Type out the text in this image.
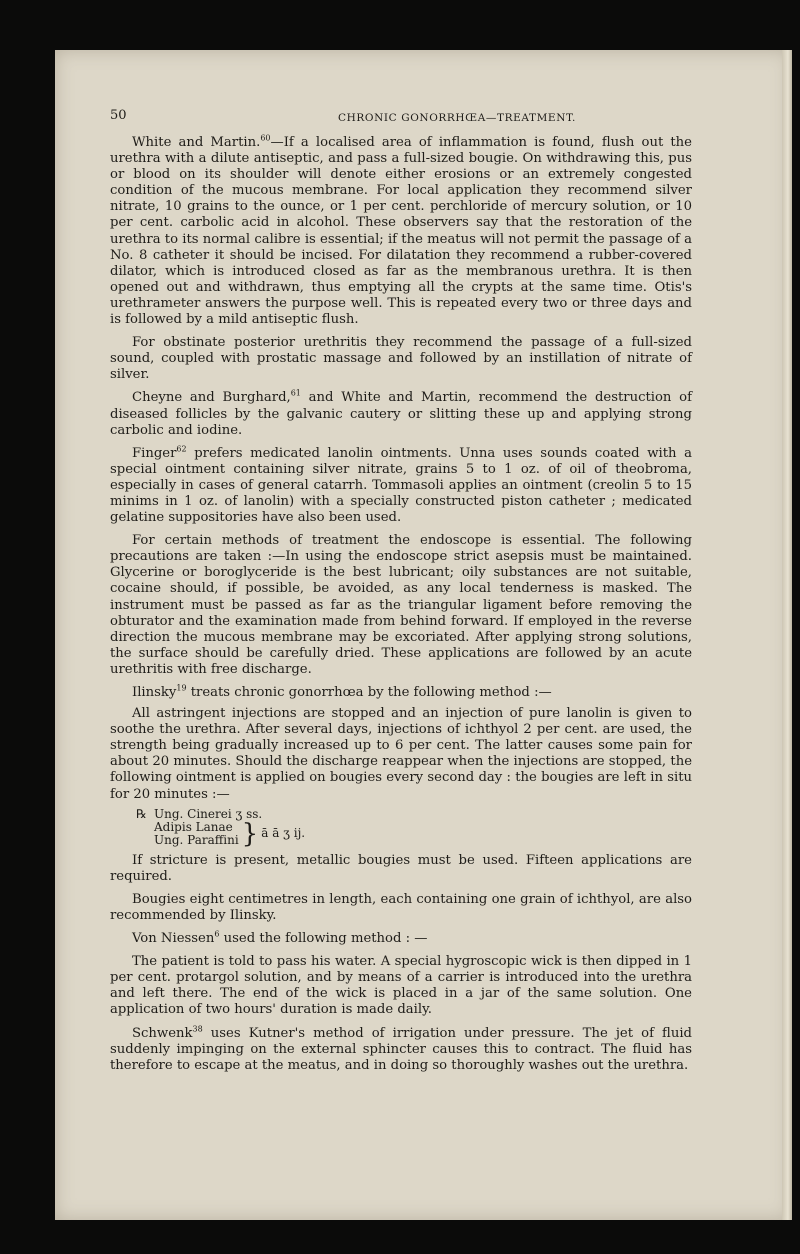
50	CHRONIC GONORRHŒA—TREATMENT.

White and Martin.$^{60}$—If a localised area of inflammation is found, flush out the urethra with a dilute antiseptic, and pass a full-sized bougie. On withdrawing this, pus or blood on its shoulder will denote either erosions or an extremely congested condition of the mucous membrane. For local application they recommend silver nitrate, 10 grains to the ounce, or 1 per cent. perchloride of mercury solution, or 10 per cent. carbolic acid in alcohol. These observers say that the restoration of the urethra to its normal calibre is essential; if the meatus will not permit the passage of a No. 8 catheter it should be incised. For dilatation they recommend a rubber-covered dilator, which is introduced closed as far as the membranous urethra. It is then opened out and withdrawn, thus emptying all the crypts at the same time. Otis's urethrameter answers the purpose well. This is repeated every two or three days and is followed by a mild antiseptic flush.

For obstinate posterior urethritis they recommend the passage of a full-sized sound, coupled with prostatic massage and followed by an instillation of nitrate of silver.

Cheyne and Burghard,$^{61}$ and White and Martin, recommend the destruction of diseased follicles by the galvanic cautery or slitting these up and applying strong carbolic and iodine.

Finger$^{62}$ prefers medicated lanolin ointments. Unna uses sounds coated with a special ointment containing silver nitrate, grains 5 to 1 oz. of oil of theobroma, especially in cases of general catarrh. Tommasoli applies an ointment (creolin 5 to 15 minims in 1 oz. of lanolin) with a specially constructed piston catheter ; medicated gelatine suppositories have also been used.

For certain methods of treatment the endoscope is essential. The following precautions are taken :—In using the endoscope strict asepsis must be maintained. Glycerine or boroglyceride is the best lubricant; oily substances are not suitable, cocaine should, if possible, be avoided, as any local tenderness is masked. The instrument must be passed as far as the triangular ligament before removing the obturator and the examination made from behind forward. If employed in the reverse direction the mucous membrane may be excoriated. After applying strong solutions, the surface should be carefully dried. These applications are followed by an acute urethritis with free discharge.

Ilinsky$^{19}$ treats chronic gonorrhœa by the following method :—

All astringent injections are stopped and an injection of pure lanolin is given to soothe the urethra. After several days, injections of ichthyol 2 per cent. are used, the strength being gradually increased up to 6 per cent. The latter causes some pain for about 20 minutes. Should the discharge reappear when the injections are stopped, the following ointment is applied on bougies every second day : the bougies are left in situ for 20 minutes :—

℞ Ung. Cinerei ʒ ss.
Adipis Lanae
Ung. Paraffini } ā ā ʒ ij.

If stricture is present, metallic bougies must be used. Fifteen applications are required.

Bougies eight centimetres in length, each containing one grain of ichthyol, are also recommended by Ilinsky.

Von Niessen$^6$ used the following method : —

The patient is told to pass his water. A special hygroscopic wick is then dipped in 1 per cent. protargol solution, and by means of a carrier is introduced into the urethra and left there. The end of the wick is placed in a jar of the same solution. One application of two hours' duration is made daily.

Schwenk$^{38}$ uses Kutner's method of irrigation under pressure. The jet of fluid suddenly impinging on the external sphincter causes this to contract. The fluid has therefore to escape at the meatus, and in doing so thoroughly washes out the urethra.
